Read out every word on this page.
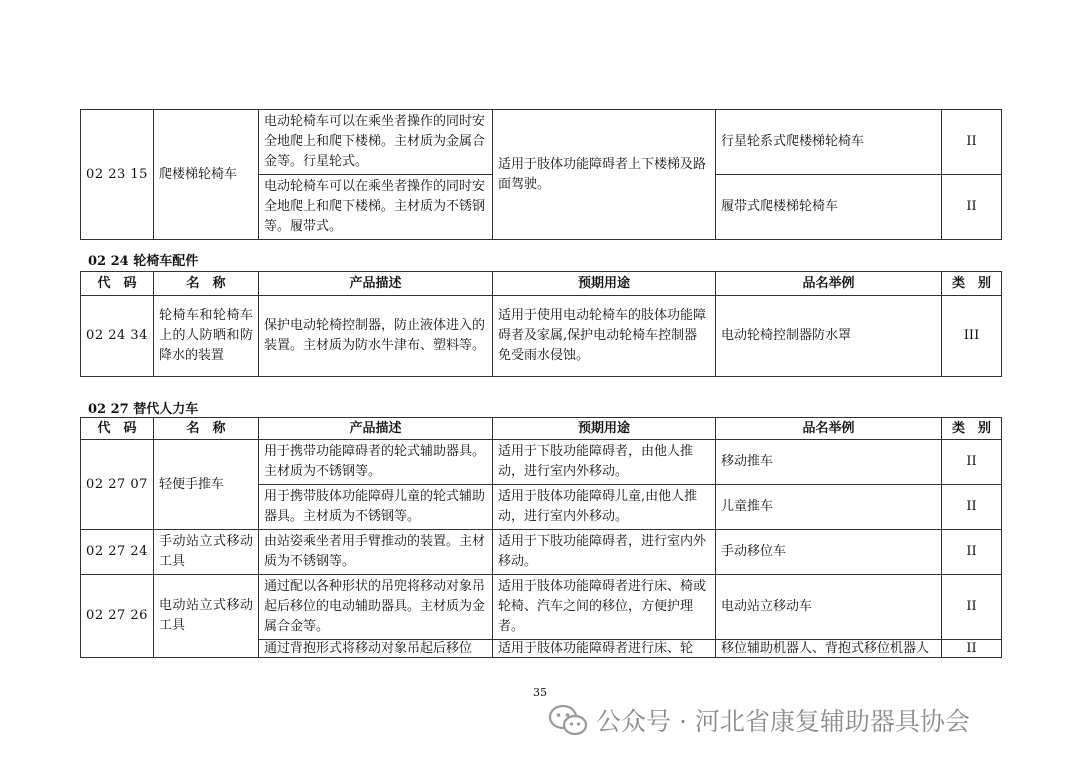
02 23 15	爬楼梯轮椅车	电动轮椅车可以在乘坐者操作的同时安全地爬上和爬下楼梯。主材质为金属合金等。行星轮式。	适用于肢体功能障碍者上下楼梯及路面驾驶。	行星轮系式爬楼梯轮椅车	II
		电动轮椅车可以在乘坐者操作的同时安全地爬上和爬下楼梯。主材质为不锈钢等。履带式。		履带式爬楼梯轮椅车	II
02 24 轮椅车配件
代　码	名　称	产品描述	预期用途	品名举例	类　别
02 24 34	轮椅车和轮椅车上的人防晒和防降水的装置	保护电动轮椅控制器，防止液体进入的装置。主材质为防水牛津布、塑料等。	适用于使用电动轮椅车的肢体功能障碍者及家属,保护电动轮椅车控制器免受雨水侵蚀。	电动轮椅控制器防水罩	III
02 27 替代人力车
代　码	名　称	产品描述	预期用途	品名举例	类　别
02 27 07	轻便手推车	用于携带功能障碍者的轮式辅助器具。主材质为不锈钢等。	适用于下肢功能障碍者，由他人推动，进行室内外移动。	移动推车	II
		用于携带肢体功能障碍儿童的轮式辅助器具。主材质为不锈钢等。	适用于肢体功能障碍儿童,由他人推动，进行室内外移动。	儿童推车	II
02 27 24	手动站立式移动工具	由站姿乘坐者用手臂推动的装置。主材质为不锈钢等。	适用于下肢功能障碍者，进行室内外移动。	手动移位车	II
02 27 26	电动站立式移动工具	通过配以各种形状的吊兜将移动对象吊起后移位的电动辅助器具。主材质为金属合金等。	适用于肢体功能障碍者进行床、椅或轮椅、汽车之间的移位，方便护理者。	电动站立移动车	II
		通过背抱形式将移动对象吊起后移位	适用于肢体功能障碍者进行床、轮	移位辅助机器人、背抱式移位机器人	II
35
公众号 · 河北省康复辅助器具协会
